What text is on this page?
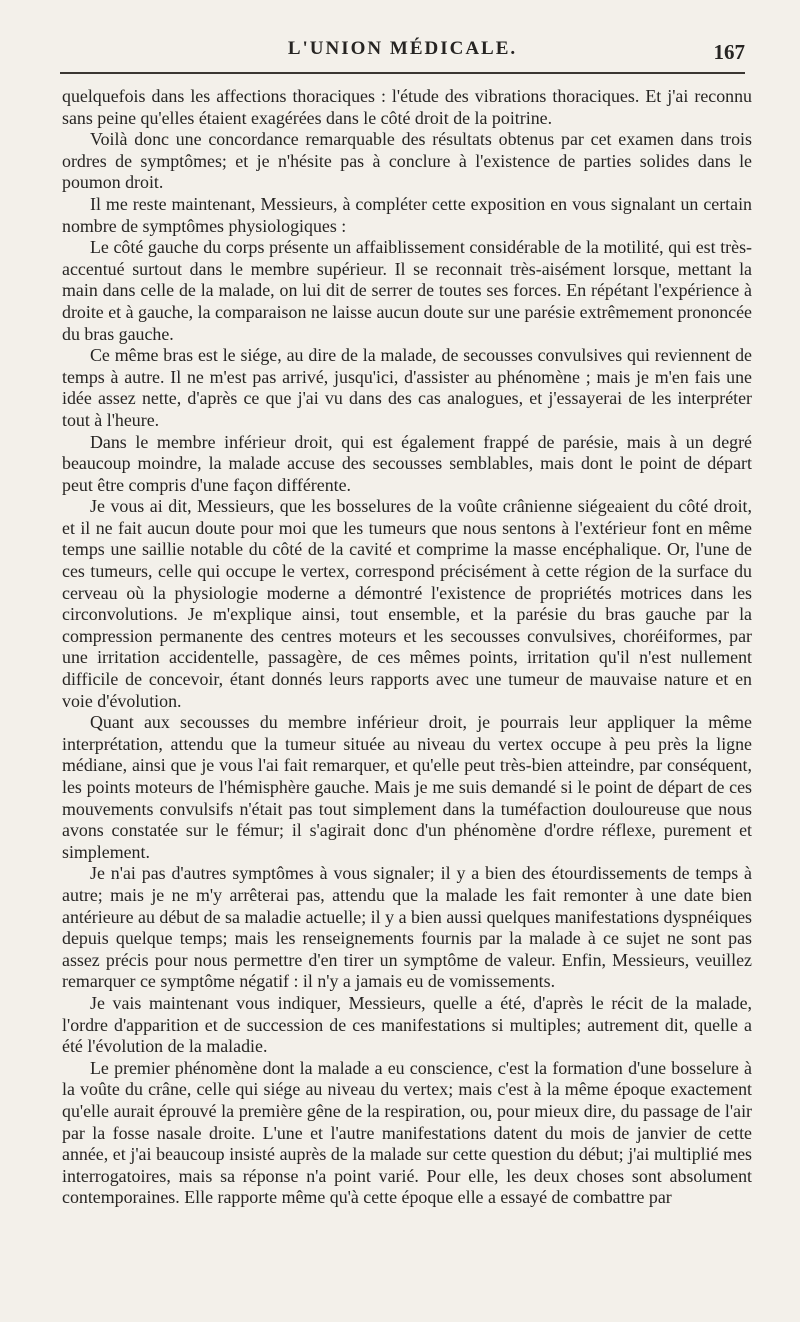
L'UNION MÉDICALE.	167

quelquefois dans les affections thoraciques : l'étude des vibrations thoraciques. Et j'ai reconnu sans peine qu'elles étaient exagérées dans le côté droit de la poitrine.

Voilà donc une concordance remarquable des résultats obtenus par cet examen dans trois ordres de symptômes; et je n'hésite pas à conclure à l'existence de parties solides dans le poumon droit.

Il me reste maintenant, Messieurs, à compléter cette exposition en vous signalant un certain nombre de symptômes physiologiques :

Le côté gauche du corps présente un affaiblissement considérable de la motilité, qui est très-accentué surtout dans le membre supérieur. Il se reconnait très-aisément lorsque, mettant la main dans celle de la malade, on lui dit de serrer de toutes ses forces. En répétant l'expérience à droite et à gauche, la comparaison ne laisse aucun doute sur une parésie extrêmement prononcée du bras gauche.

Ce même bras est le siége, au dire de la malade, de secousses convulsives qui reviennent de temps à autre. Il ne m'est pas arrivé, jusqu'ici, d'assister au phénomène ; mais je m'en fais une idée assez nette, d'après ce que j'ai vu dans des cas analogues, et j'essayerai de les interpréter tout à l'heure.

Dans le membre inférieur droit, qui est également frappé de parésie, mais à un degré beaucoup moindre, la malade accuse des secousses semblables, mais dont le point de départ peut être compris d'une façon différente.

Je vous ai dit, Messieurs, que les bosselures de la voûte crânienne siégeaient du côté droit, et il ne fait aucun doute pour moi que les tumeurs que nous sentons à l'extérieur font en même temps une saillie notable du côté de la cavité et comprime la masse encéphalique. Or, l'une de ces tumeurs, celle qui occupe le vertex, correspond précisément à cette région de la surface du cerveau où la physiologie moderne a démontré l'existence de propriétés motrices dans les circonvolutions. Je m'explique ainsi, tout ensemble, et la parésie du bras gauche par la compression permanente des centres moteurs et les secousses convulsives, choréiformes, par une irritation accidentelle, passagère, de ces mêmes points, irritation qu'il n'est nullement difficile de concevoir, étant donnés leurs rapports avec une tumeur de mauvaise nature et en voie d'évolution.

Quant aux secousses du membre inférieur droit, je pourrais leur appliquer la même interprétation, attendu que la tumeur située au niveau du vertex occupe à peu près la ligne médiane, ainsi que je vous l'ai fait remarquer, et qu'elle peut très-bien atteindre, par conséquent, les points moteurs de l'hémisphère gauche. Mais je me suis demandé si le point de départ de ces mouvements convulsifs n'était pas tout simplement dans la tuméfaction douloureuse que nous avons constatée sur le fémur; il s'agirait donc d'un phénomène d'ordre réflexe, purement et simplement.

Je n'ai pas d'autres symptômes à vous signaler; il y a bien des étourdissements de temps à autre; mais je ne m'y arrêterai pas, attendu que la malade les fait remonter à une date bien antérieure au début de sa maladie actuelle; il y a bien aussi quelques manifestations dyspnéiques depuis quelque temps; mais les renseignements fournis par la malade à ce sujet ne sont pas assez précis pour nous permettre d'en tirer un symptôme de valeur. Enfin, Messieurs, veuillez remarquer ce symptôme négatif : il n'y a jamais eu de vomissements.

Je vais maintenant vous indiquer, Messieurs, quelle a été, d'après le récit de la malade, l'ordre d'apparition et de succession de ces manifestations si multiples; autrement dit, quelle a été l'évolution de la maladie.

Le premier phénomène dont la malade a eu conscience, c'est la formation d'une bosselure à la voûte du crâne, celle qui siége au niveau du vertex; mais c'est à la même époque exactement qu'elle aurait éprouvé la première gêne de la respiration, ou, pour mieux dire, du passage de l'air par la fosse nasale droite. L'une et l'autre manifestations datent du mois de janvier de cette année, et j'ai beaucoup insisté auprès de la malade sur cette question du début; j'ai multiplié mes interrogatoires, mais sa réponse n'a point varié. Pour elle, les deux choses sont absolument contemporaines. Elle rapporte même qu'à cette époque elle a essayé de combattre par
